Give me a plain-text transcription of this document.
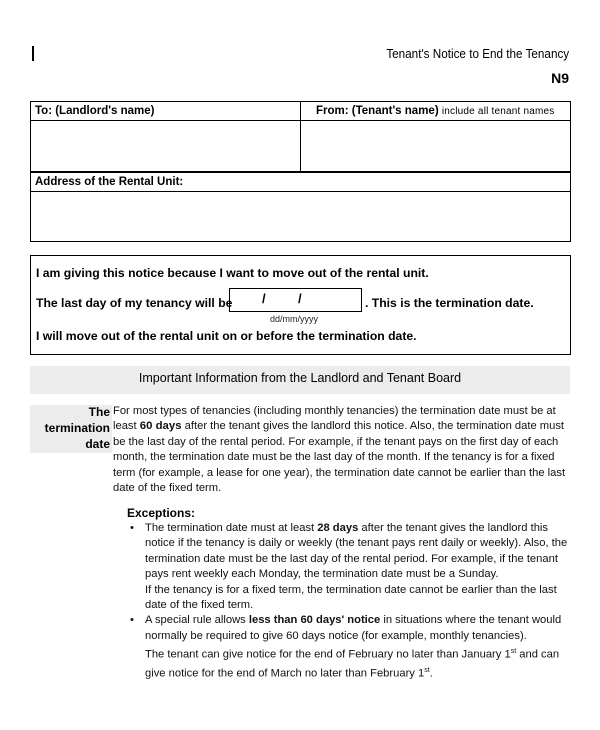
Tenant's Notice to End the Tenancy
N9
To: (Landlord's name)	From: (Tenant's name) include all tenant names
Address of the Rental Unit:
I am giving this notice because I want to move out of the rental unit.
The last day of my tenancy will be / /
dd/mm/yyyy
. This is the termination date.
I will move out of the rental unit on or before the termination date.
Important Information from the Landlord and Tenant Board
The
termination
date
For most types of tenancies (including monthly tenancies) the termination date must be at least 60 days after the tenant gives the landlord this notice. Also, the termination date must be the last day of the rental period. For example, if the tenant pays on the first day of each month, the termination date must be the last day of the month. If the tenancy is for a fixed term (for example, a lease for one year), the termination date cannot be earlier than the last date of the fixed term.
Exceptions:
• The termination date must at least 28 days after the tenant gives the landlord this notice if the tenancy is daily or weekly (the tenant pays rent daily or weekly). Also, the termination date must be the last day of the rental period. For example, if the tenant pays rent weekly each Monday, the termination date must be a Sunday.
If the tenancy is for a fixed term, the termination date cannot be earlier than the last date of the fixed term.
• A special rule allows less than 60 days' notice in situations where the tenant would normally be required to give 60 days notice (for example, monthly tenancies).
The tenant can give notice for the end of February no later than January 1st and can give notice for the end of March no later than February 1st.
